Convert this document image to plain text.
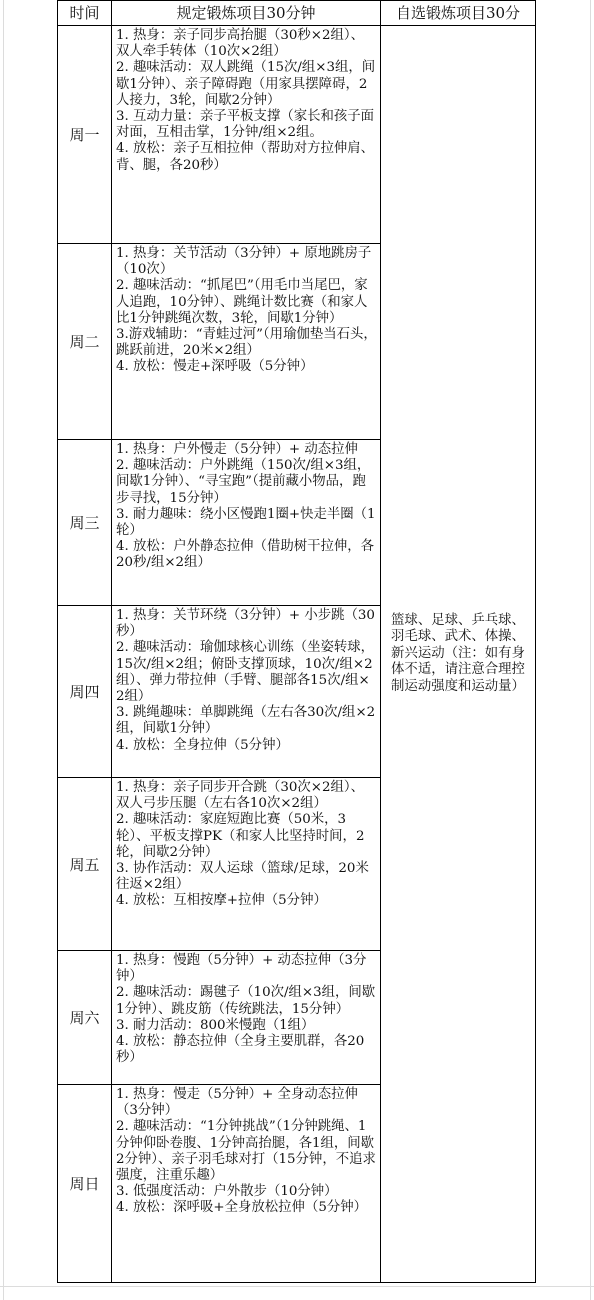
时间	规定锻炼项目30分钟	自选锻炼项目30分
周一	1. 热身：亲子同步高抬腿（30秒×2组）、双人牵手转体（10次×2组）
2. 趣味活动：双人跳绳（15次/组×3组，间歇1分钟）、亲子障碍跑（用家具摆障碍，2人接力，3轮，间歇2分钟）
3. 互动力量：亲子平板支撑（家长和孩子面对面，互相击掌，1分钟/组×2组。
4. 放松：亲子互相拉伸（帮助对方拉伸肩、背、腿，各20秒）	篮球、足球、乒乓球、羽毛球、武术、体操、新兴运动（注：如有身体不适，请注意合理控制运动强度和运动量）
周二	1. 热身：关节活动（3分钟）+ 原地跳房子（10次）
2. 趣味活动：“抓尾巴”（用毛巾当尾巴，家人追跑，10分钟）、跳绳计数比赛（和家人比1分钟跳绳次数，3轮，间歇1分钟）
3.游戏辅助：“青蛙过河”（用瑜伽垫当石头，跳跃前进，20米×2组）
4. 放松：慢走+深呼吸（5分钟）	

周三	1. 热身：户外慢走（5分钟）+ 动态拉伸
2. 趣味活动：户外跳绳（150次/组×3组，间歇1分钟）、“寻宝跑”（提前藏小物品，跑步寻找，15分钟）
3. 耐力趣味：绕小区慢跑1圈+快走半圈（1轮）
4. 放松：户外静态拉伸（借助树干拉伸，各20秒/组×2组）	

周四	1. 热身：关节环绕（3分钟）+ 小步跳（30秒）
2. 趣味活动：瑜伽球核心训练（坐姿转球，15次/组×2组；俯卧支撑顶球，10次/组×2组）、弹力带拉伸（手臂、腿部各15次/组×2组）
3. 跳绳趣味：单脚跳绳（左右各30次/组×2组，间歇1分钟）
4. 放松：全身拉伸（5分钟）	

周五	1. 热身：亲子同步开合跳（30次×2组）、双人弓步压腿（左右各10次×2组）
2. 趣味活动：家庭短跑比赛（50米，3轮）、平板支撑PK（和家人比坚持时间，2轮，间歇2分钟）
3. 协作活动：双人运球（篮球/足球，20米往返×2组）
4. 放松：互相按摩+拉伸（5分钟）	

周六	1. 热身：慢跑（5分钟）+ 动态拉伸（3分钟）
2. 趣味活动：踢毽子（10次/组×3组，间歇1分钟）、跳皮筋（传统跳法，15分钟）
3. 耐力活动：800米慢跑（1组）
4. 放松：静态拉伸（全身主要肌群，各20秒）	

周日	1. 热身：慢走（5分钟）+ 全身动态拉伸（3分钟）
2. 趣味活动：“1分钟挑战”（1分钟跳绳、1分钟仰卧卷腹、1分钟高抬腿，各1组，间歇2分钟）、亲子羽毛球对打（15分钟，不追求强度，注重乐趣）
3. 低强度活动：户外散步（10分钟）
4. 放松：深呼吸+全身放松拉伸（5分钟）	
